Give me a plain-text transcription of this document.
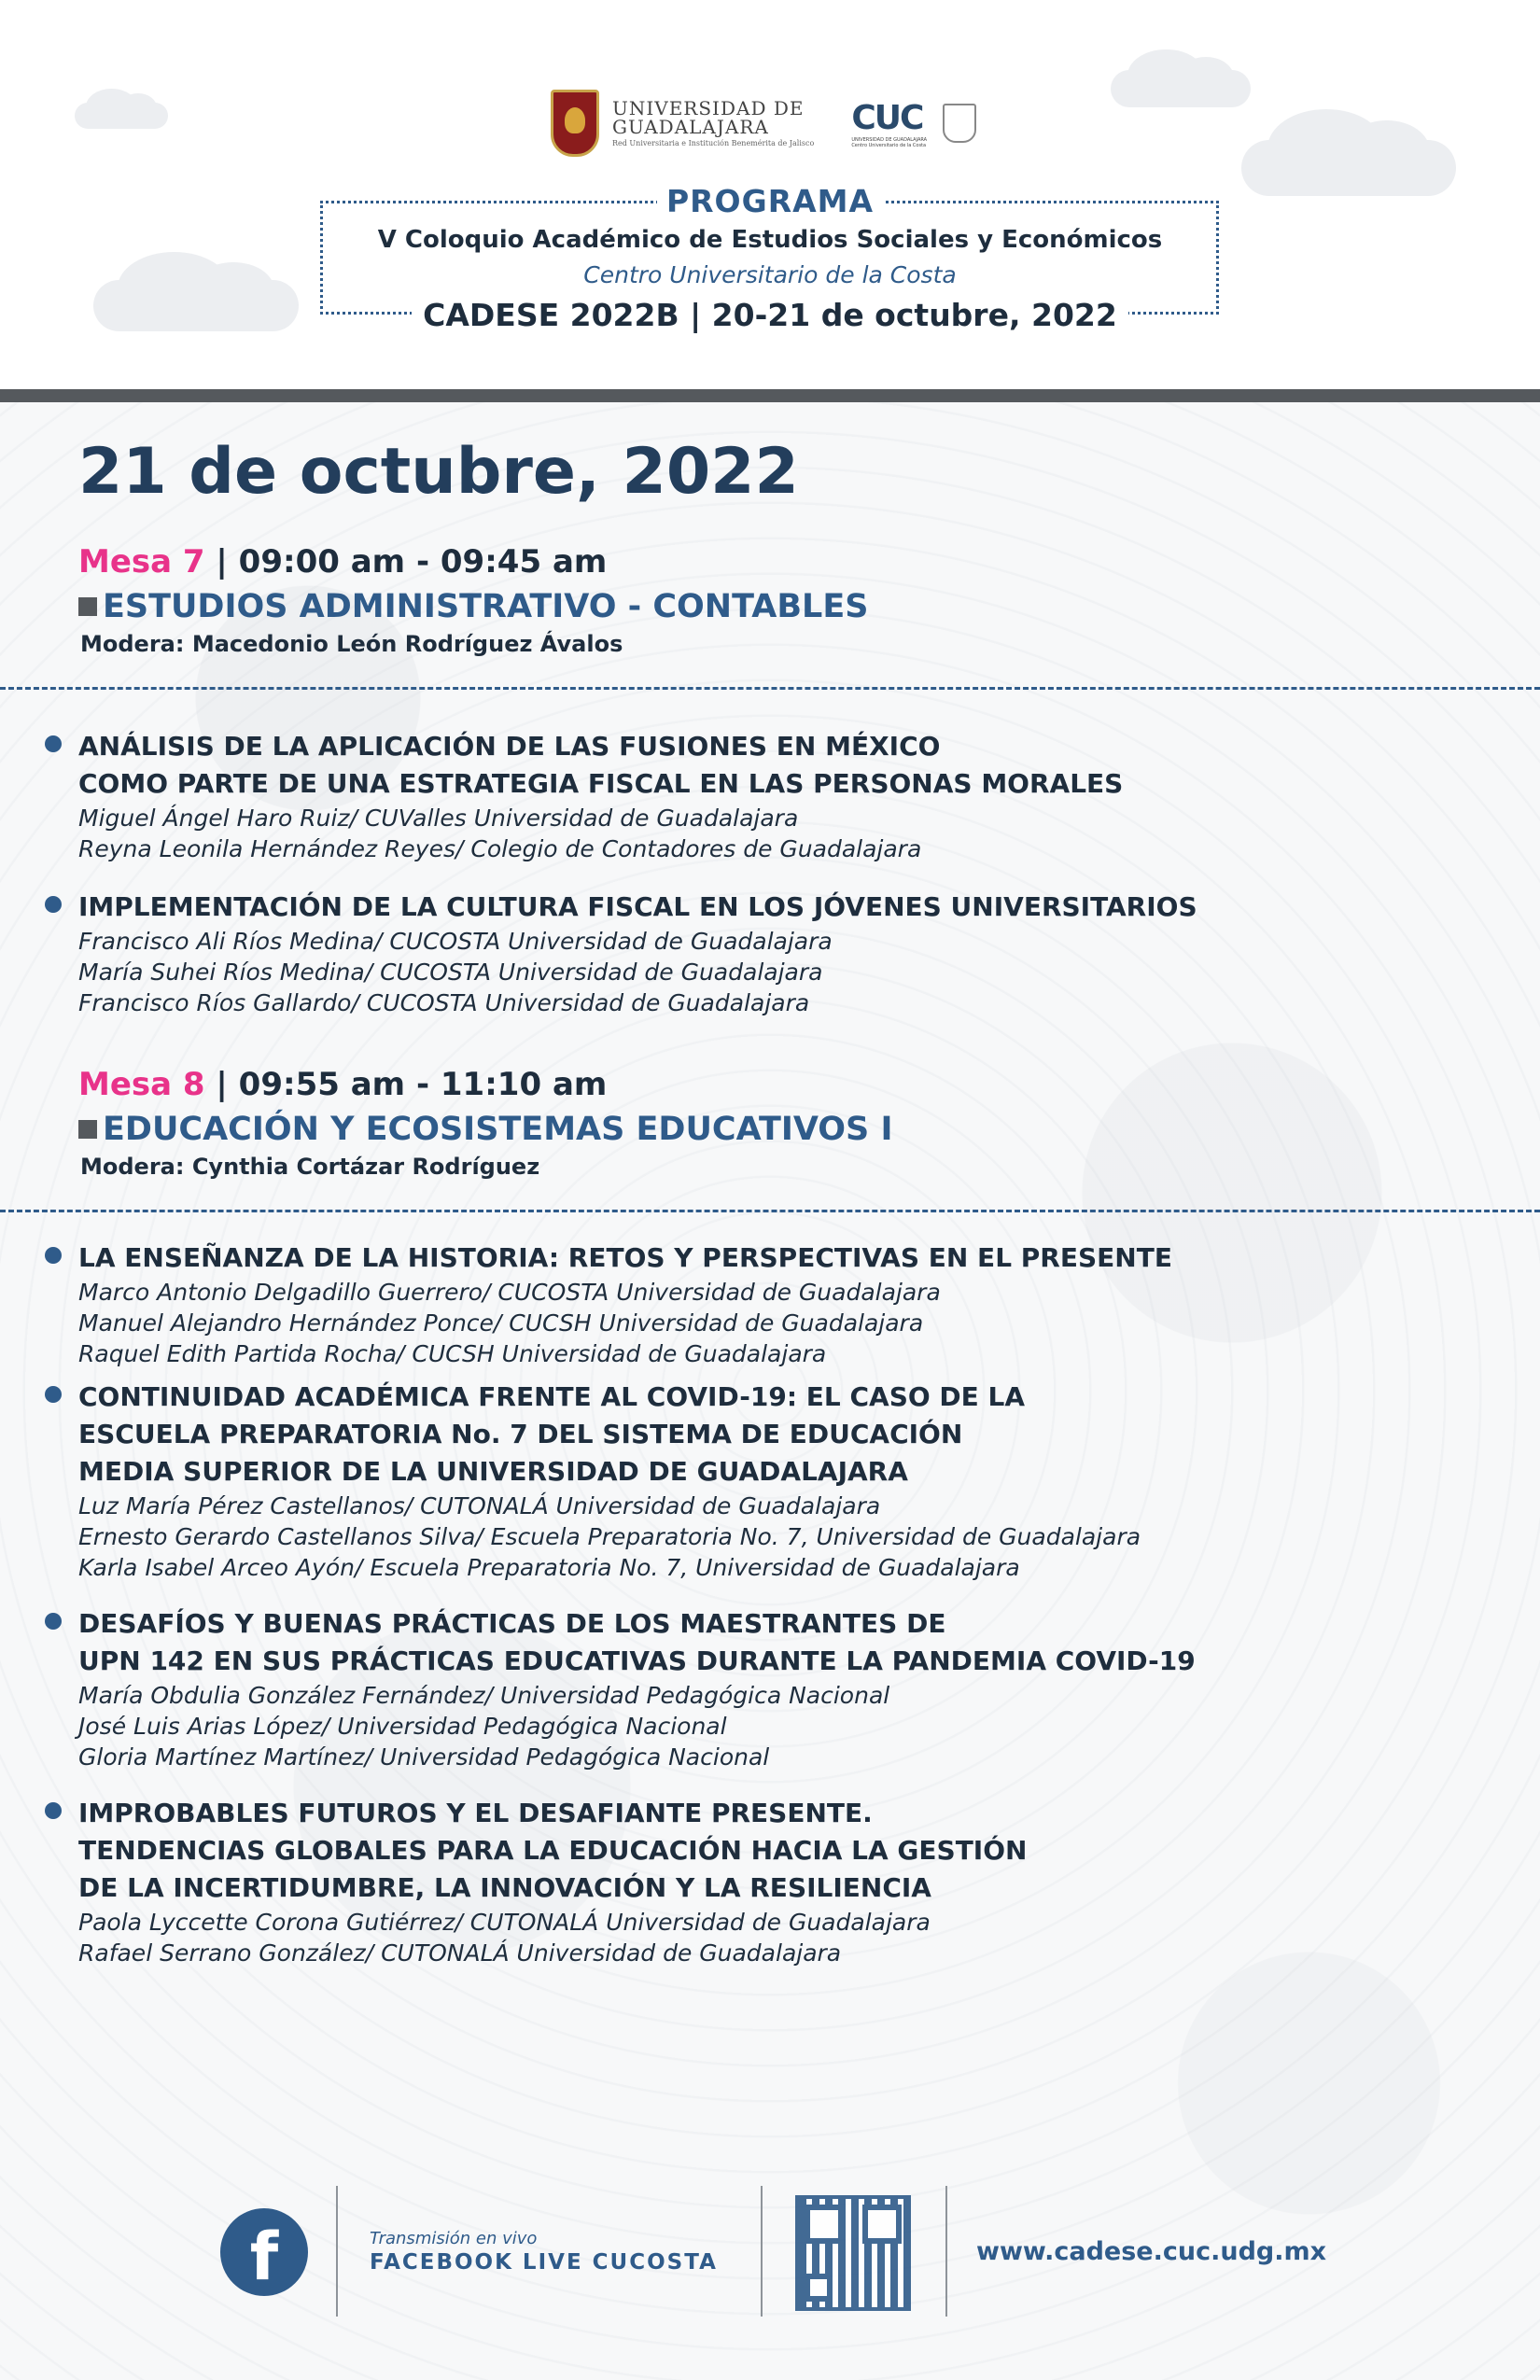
UNIVERSIDAD DE
GUADALAJARA
Red Universitaria e Institución Benemérita de Jalisco
CUC
UNIVERSIDAD DE GUADALAJARA Centro Universitario de la Costa
PROGRAMA
V Coloquio Académico de Estudios Sociales y Económicos
Centro Universitario de la Costa
CADESE 2022B | 20-21 de octubre, 2022
21 de octubre, 2022
Mesa 7 | 09:00 am - 09:45 am
ESTUDIOS ADMINISTRATIVO - CONTABLES
Modera: Macedonio León Rodríguez Ávalos
ANÁLISIS DE LA APLICACIÓN DE LAS FUSIONES EN MÉXICO
COMO PARTE DE UNA ESTRATEGIA FISCAL EN LAS PERSONAS MORALES
Miguel Ángel Haro Ruiz/ CUValles Universidad de Guadalajara
Reyna Leonila Hernández Reyes/ Colegio de Contadores de Guadalajara
IMPLEMENTACIÓN DE LA CULTURA FISCAL EN LOS JÓVENES UNIVERSITARIOS
Francisco Ali Ríos Medina/ CUCOSTA Universidad de Guadalajara
María Suhei Ríos Medina/ CUCOSTA Universidad de Guadalajara
Francisco Ríos Gallardo/ CUCOSTA Universidad de Guadalajara
Mesa 8 | 09:55 am - 11:10 am
EDUCACIÓN Y ECOSISTEMAS EDUCATIVOS I
Modera: Cynthia Cortázar Rodríguez
LA ENSEÑANZA DE LA HISTORIA: RETOS Y PERSPECTIVAS EN EL PRESENTE
Marco Antonio Delgadillo Guerrero/ CUCOSTA Universidad de Guadalajara
Manuel Alejandro Hernández Ponce/ CUCSH Universidad de Guadalajara
Raquel Edith Partida Rocha/ CUCSH Universidad de Guadalajara
CONTINUIDAD ACADÉMICA FRENTE AL COVID-19: EL CASO DE LA
ESCUELA PREPARATORIA No. 7 DEL SISTEMA DE EDUCACIÓN
MEDIA SUPERIOR DE LA UNIVERSIDAD DE GUADALAJARA
Luz María Pérez Castellanos/ CUTONALÁ Universidad de Guadalajara
Ernesto Gerardo Castellanos Silva/ Escuela Preparatoria No. 7, Universidad de Guadalajara
Karla Isabel Arceo Ayón/ Escuela Preparatoria No. 7, Universidad de Guadalajara
DESAFÍOS Y BUENAS PRÁCTICAS DE LOS MAESTRANTES DE
UPN 142 EN SUS PRÁCTICAS EDUCATIVAS DURANTE LA PANDEMIA COVID-19
María Obdulia González Fernández/ Universidad Pedagógica Nacional
José Luis Arias López/ Universidad Pedagógica Nacional
Gloria Martínez Martínez/ Universidad Pedagógica Nacional
IMPROBABLES FUTUROS Y EL DESAFIANTE PRESENTE.
TENDENCIAS GLOBALES PARA LA EDUCACIÓN HACIA LA GESTIÓN
DE LA INCERTIDUMBRE, LA INNOVACIÓN Y LA RESILIENCIA
Paola Lyccette Corona Gutiérrez/ CUTONALÁ Universidad de Guadalajara
Rafael Serrano González/ CUTONALÁ Universidad de Guadalajara
f	Transmisión en vivo
FACEBOOK LIVE CUCOSTA	www.cadese.cuc.udg.mx
